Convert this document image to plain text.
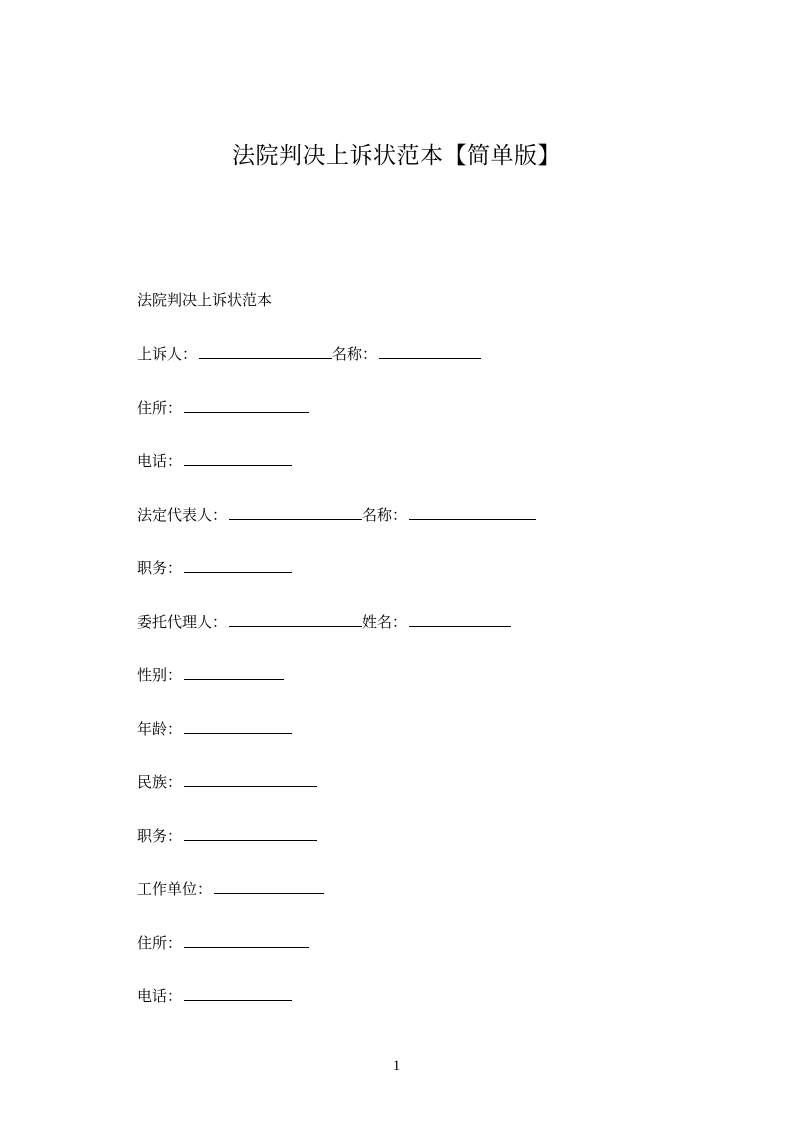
法院判决上诉状范本【简单版】
法院判决上诉状范本
上诉人：	名称：
住所：
电话：
法定代表人：	名称：
职务：
委托代理人：	姓名：
性别：
年龄：
民族：
职务：
工作单位：
住所：
电话：
1
